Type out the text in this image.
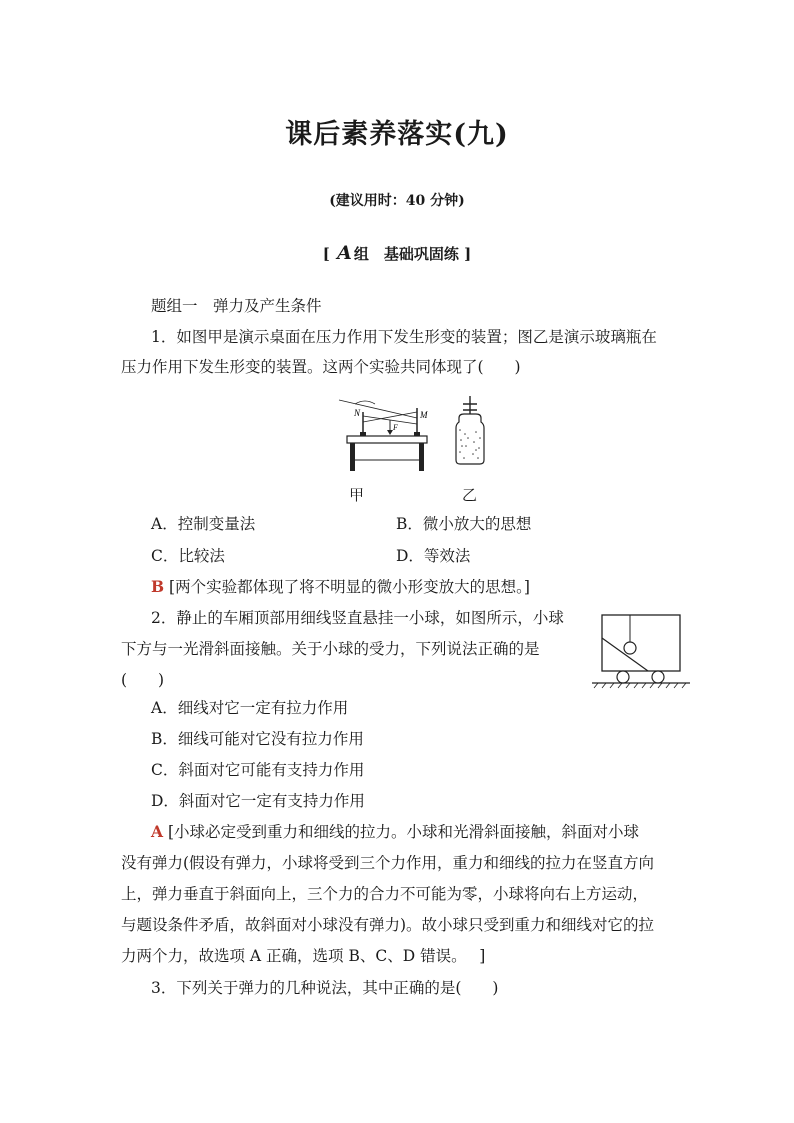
课后素养落实(九)
(建议用时：40 分钟)
[ A 组　基础巩固练 ]
题组一　弹力及产生条件
1．如图甲是演示桌面在压力作用下发生形变的装置；图乙是演示玻璃瓶在
压力作用下发生形变的装置。这两个实验共同体现了(　　)
N	M
F
甲	乙
A．控制变量法	B．微小放大的思想
C．比较法	D．等效法
B [两个实验都体现了将不明显的微小形变放大的思想。]
2．静止的车厢顶部用细线竖直悬挂一小球，如图所示，小球
下方与一光滑斜面接触。关于小球的受力，下列说法正确的是
(　　)
A．细线对它一定有拉力作用
B．细线可能对它没有拉力作用
C．斜面对它可能有支持力作用
D．斜面对它一定有支持力作用
A [小球必定受到重力和细线的拉力。小球和光滑斜面接触，斜面对小球
没有弹力(假设有弹力，小球将受到三个力作用，重力和细线的拉力在竖直方向
上，弹力垂直于斜面向上，三个力的合力不可能为零，小球将向右上方运动，
与题设条件矛盾，故斜面对小球没有弹力)。故小球只受到重力和细线对它的拉
力两个力，故选项 A 正确，选项 B、C、D 错误。　 ]
3．下列关于弹力的几种说法，其中正确的是(　　)
